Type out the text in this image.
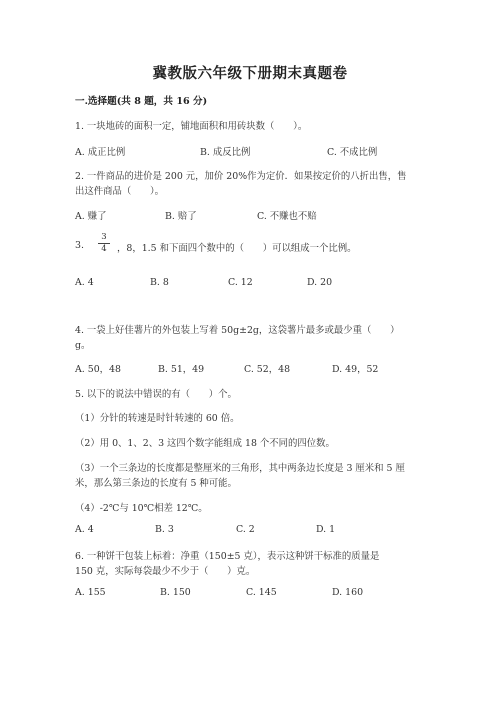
冀教版六年级下册期末真题卷
一.选择题(共 8 题，共 16 分)
1. 一块地砖的面积一定，铺地面积和用砖块数（　　）。
A. 成正比例	B. 成反比例	C. 不成比例
2. 一件商品的进价是 200 元，加价 20%作为定价．如果按定价的八折出售，售
出这件商品（　　）。
A. 赚了	B. 赔了	C. 不赚也不赔
3.
3
4	，8，1.5 和下面四个数中的（　　）可以组成一个比例。
A. 4	B. 8	C. 12	D. 20
4. 一袋上好佳薯片的外包装上写着 50g±2g，这袋薯片最多或最少重（　　）
g。
A. 50，48	B. 51，49	C. 52，48	D. 49，52
5. 以下的说法中错误的有（　　）个。
（1）分针的转速是时针转速的 60 倍。
（2）用 0、1、2、3 这四个数字能组成 18 个不同的四位数。
（3）一个三条边的长度都是整厘米的三角形，其中两条边长度是 3 厘米和 5 厘
米，那么第三条边的长度有 5 种可能。
（4）-2℃与 10℃相差 12℃。
A. 4	B. 3	C. 2	D. 1
6. 一种饼干包装上标着：净重（150±5 克），表示这种饼干标准的质量是
150 克，实际每袋最少不少于（　　）克。
A. 155	B. 150	C. 145	D. 160
